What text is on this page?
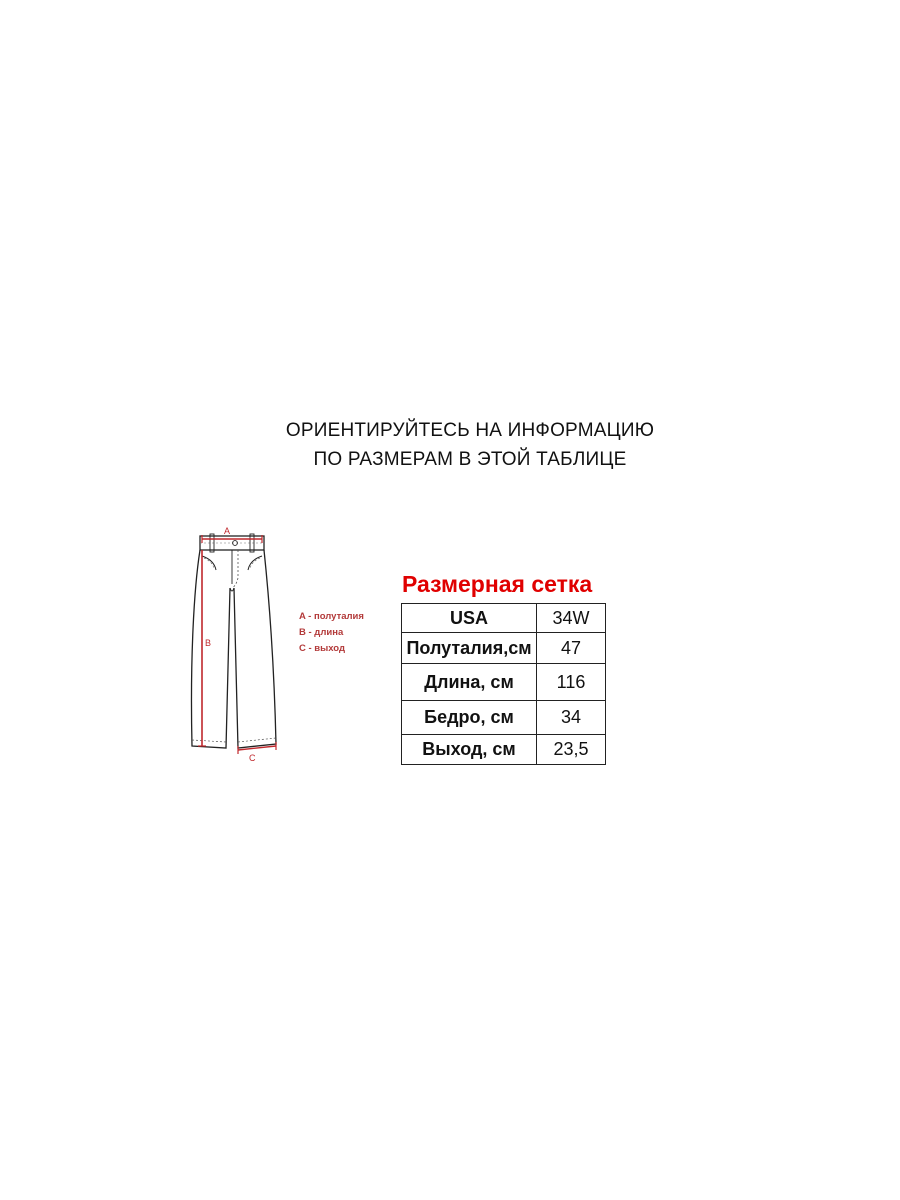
ОРИЕНТИРУЙТЕСЬ НА ИНФОРМАЦИЮ
ПО РАЗМЕРАМ В ЭТОЙ ТАБЛИЦЕ
A
B
C
A - полуталия
B - длина
C - выход
Размерная сетка
USA	34W
Полуталия,см	47
Длина, см	116
Бедро, см	34
Выход, см	23,5
